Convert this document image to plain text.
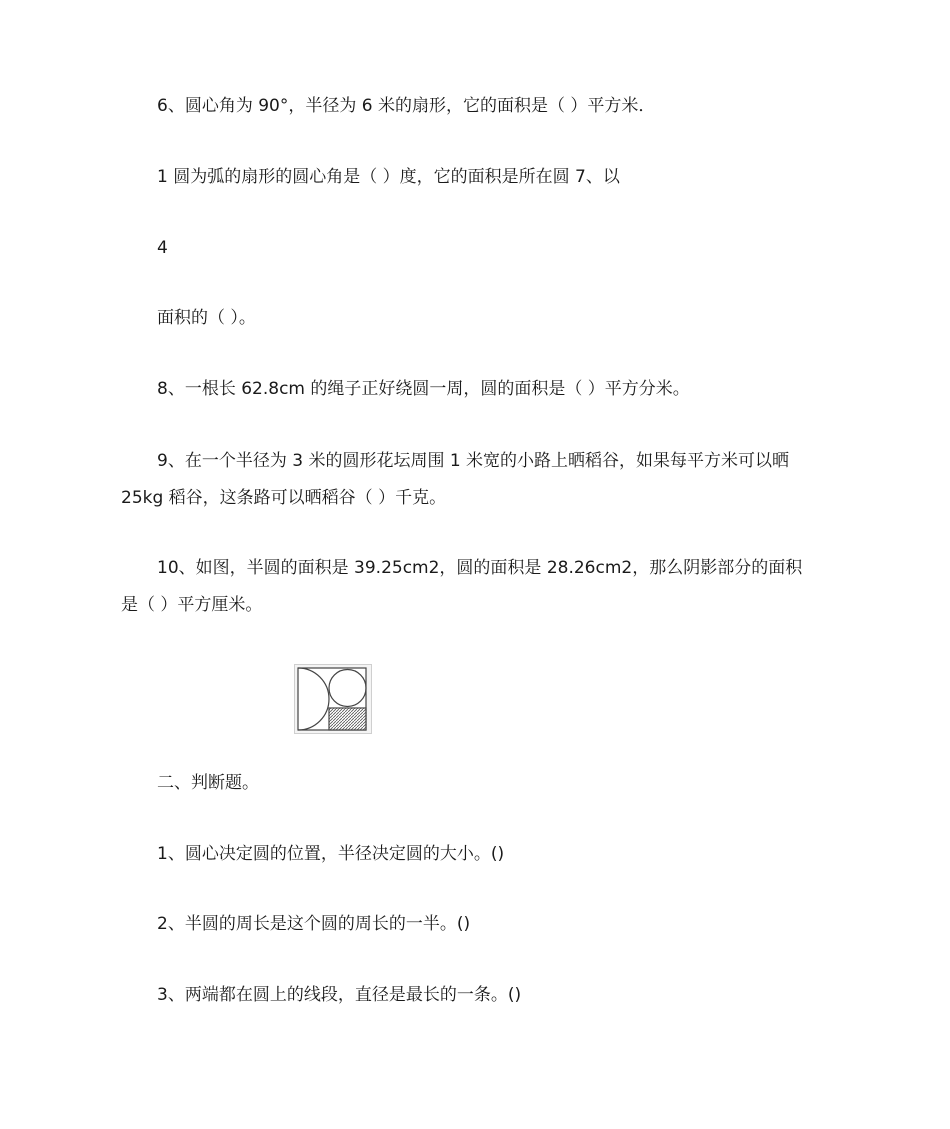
6、圆心角为 90°，半径为 6 米的扇形，它的面积是（ ）平方米．
1 圆为弧的扇形的圆心角是（ ）度，它的面积是所在圆 7、以
4
面积的（ ）。
8、一根长 62.8cm 的绳子正好绕圆一周，圆的面积是（ ）平方分米。
9、在一个半径为 3 米的圆形花坛周围 1 米宽的小路上晒稻谷，如果每平方米可以晒
25kg 稻谷，这条路可以晒稻谷（ ）千克。
10、如图，半圆的面积是 39.25cm2，圆的面积是 28.26cm2，那么阴影部分的面积
是（ ）平方厘米。
二、判断题。
1、圆心决定圆的位置，半径决定圆的大小。()
2、半圆的周长是这个圆的周长的一半。()
3、两端都在圆上的线段，直径是最长的一条。()
